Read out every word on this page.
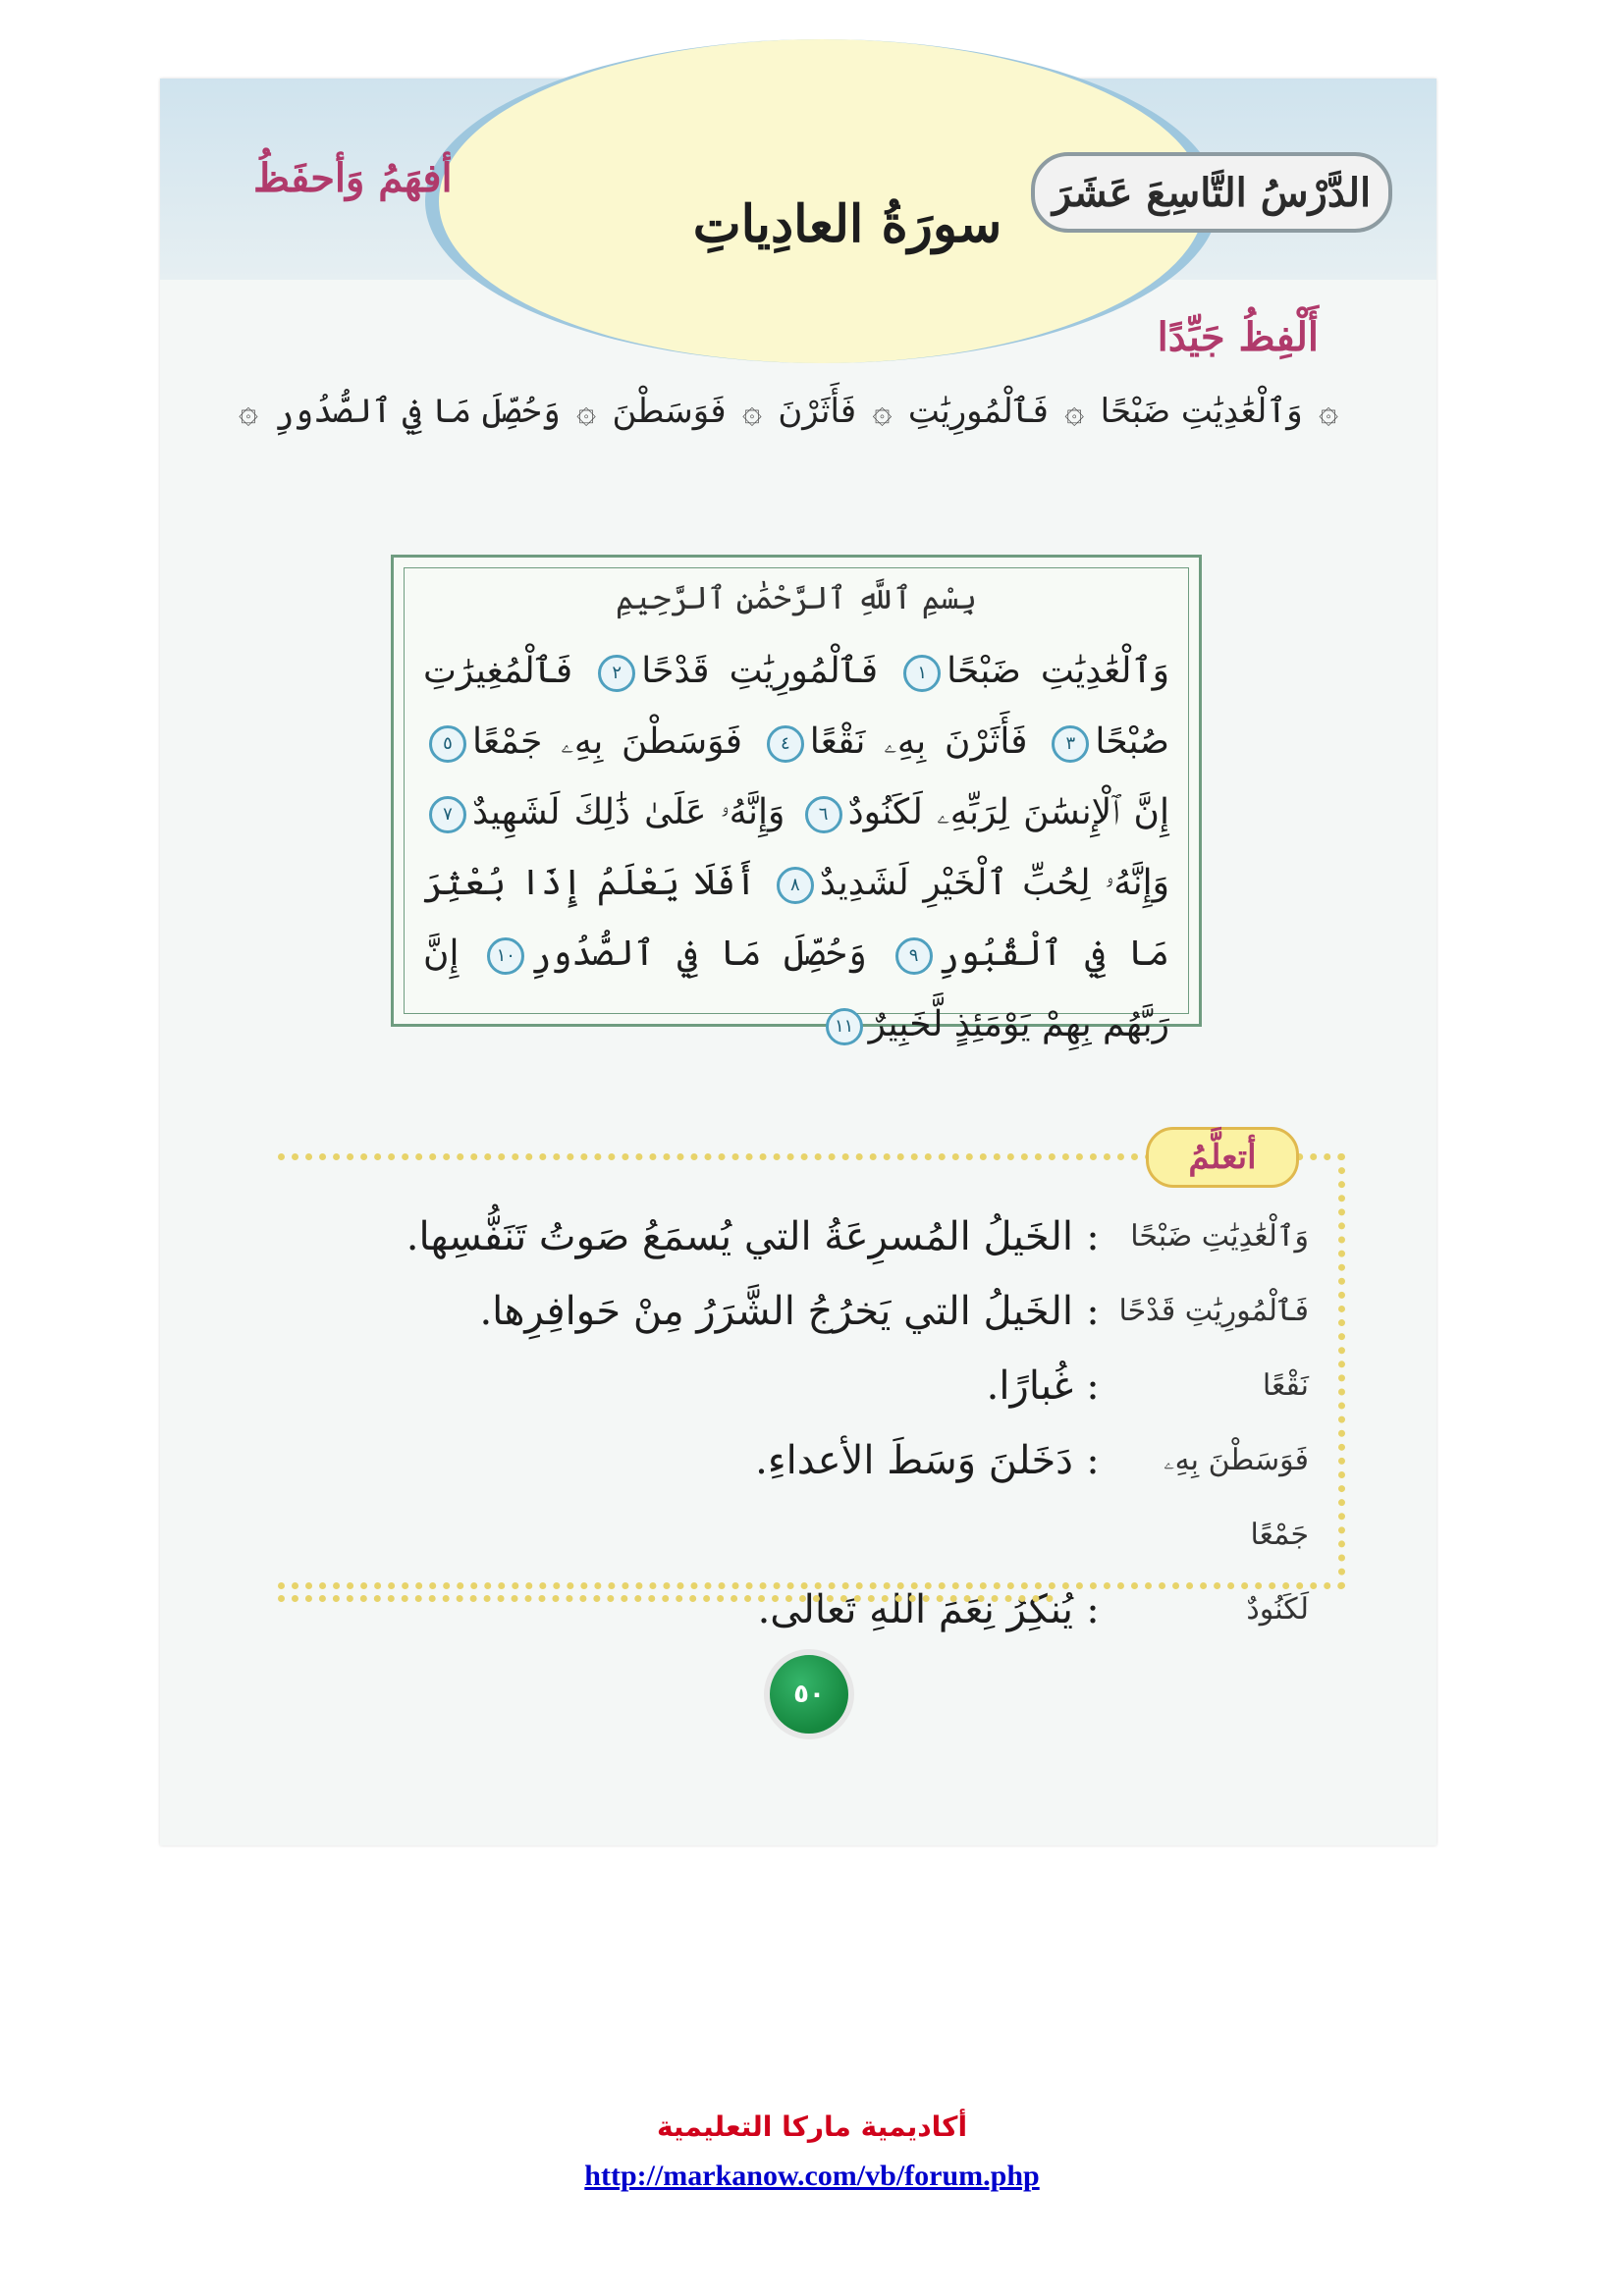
أفهَمُ وَأحفَظُ
سورَةُ العادِياتِ
الدَّرْسُ التَّاسِعَ عَشَرَ
أَلْفِظُ جَيِّدًا
۞
وَٱلْعَٰدِيَٰتِ ضَبْحًا
۞
فَٱلْمُورِيَٰتِ
۞
فَأَثَرْنَ
۞
فَوَسَطْنَ
۞
وَحُصِّلَ مَا فِي ٱلصُّدُورِ
۞
بِسْمِ ٱللَّهِ ٱلرَّحْمَٰنِ ٱلرَّحِيمِ
وَٱلْعَٰدِيَٰتِ ضَبْحًا١ فَٱلْمُورِيَٰتِ قَدْحًا٢ فَٱلْمُغِيرَٰتِ صُبْحًا٣ فَأَثَرْنَ بِهِۦ نَقْعًا٤ فَوَسَطْنَ بِهِۦ جَمْعًا٥ إِنَّ ٱلْإِنسَٰنَ لِرَبِّهِۦ لَكَنُودٌ٦ وَإِنَّهُۥ عَلَىٰ ذَٰلِكَ لَشَهِيدٌ٧ وَإِنَّهُۥ لِحُبِّ ٱلْخَيْرِ لَشَدِيدٌ٨ أَفَلَا يَعْلَمُ إِذَا بُعْثِرَ مَا فِي ٱلْقُبُورِ٩ وَحُصِّلَ مَا فِي ٱلصُّدُورِ١٠ إِنَّ رَبَّهُم بِهِمْ يَوْمَئِذٍ لَّخَبِيرٌ١١
أتعلَّمُ
وَٱلْعَٰدِيَٰتِ ضَبْحًا
:
الخَيلُ المُسرِعَةُ التي يُسمَعُ صَوتُ تَنَفُّسِها.
فَٱلْمُورِيَٰتِ قَدْحًا
:
الخَيلُ التي يَخرُجُ الشَّرَرُ مِنْ حَوافِرِها.
نَقْعًا
:
غُبارًا.
فَوَسَطْنَ بِهِۦ جَمْعًا
:
دَخَلنَ وَسَطَ الأعداءِ.
لَكَنُودٌ
:
يُنكِرُ نِعَمَ اللهِ تَعالى.
٥٠
أكاديمية ماركا التعليمية
http://markanow.com/vb/forum.php
